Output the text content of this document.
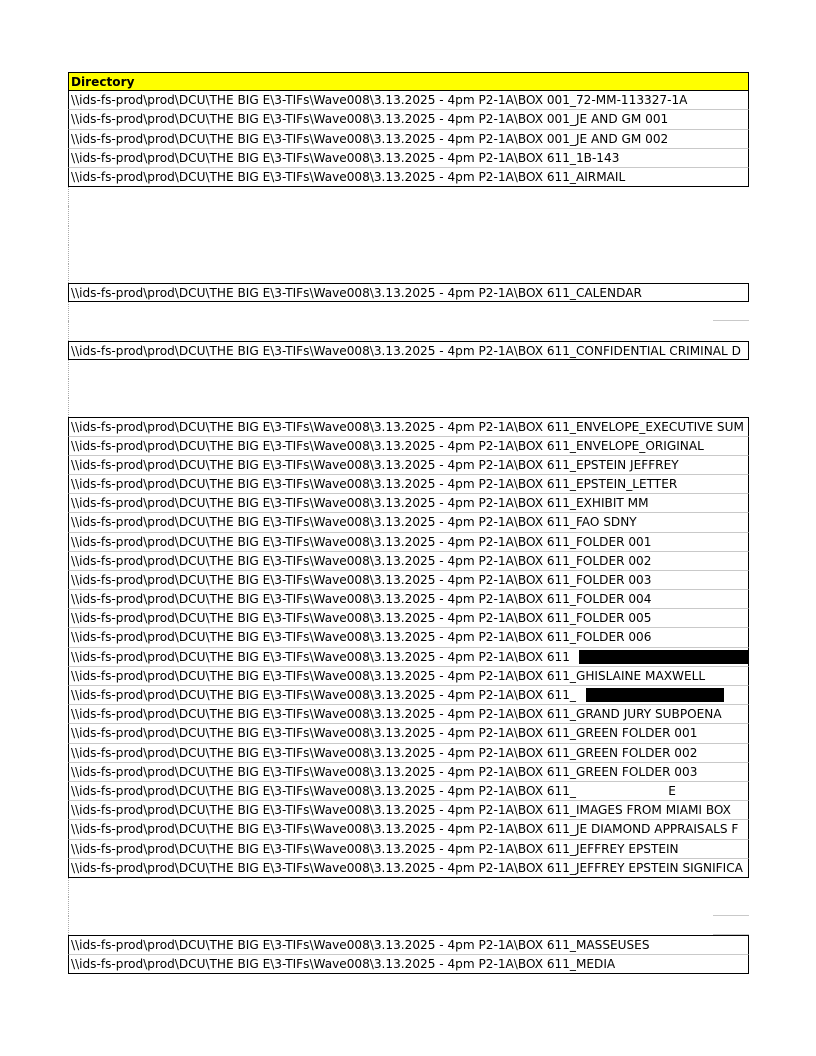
Directory
\\ids-fs-prod\prod\DCU\THE BIG E\3-TIFs\Wave008\3.13.2025 - 4pm P2-1A\BOX 001_72-MM-113327-1A
\\ids-fs-prod\prod\DCU\THE BIG E\3-TIFs\Wave008\3.13.2025 - 4pm P2-1A\BOX 001_JE AND GM 001
\\ids-fs-prod\prod\DCU\THE BIG E\3-TIFs\Wave008\3.13.2025 - 4pm P2-1A\BOX 001_JE AND GM 002
\\ids-fs-prod\prod\DCU\THE BIG E\3-TIFs\Wave008\3.13.2025 - 4pm P2-1A\BOX 611_1B-143
\\ids-fs-prod\prod\DCU\THE BIG E\3-TIFs\Wave008\3.13.2025 - 4pm P2-1A\BOX 611_AIRMAIL
\\ids-fs-prod\prod\DCU\THE BIG E\3-TIFs\Wave008\3.13.2025 - 4pm P2-1A\BOX 611_CALENDAR
\\ids-fs-prod\prod\DCU\THE BIG E\3-TIFs\Wave008\3.13.2025 - 4pm P2-1A\BOX 611_CONFIDENTIAL CRIMINAL D
\\ids-fs-prod\prod\DCU\THE BIG E\3-TIFs\Wave008\3.13.2025 - 4pm P2-1A\BOX 611_ENVELOPE_EXECUTIVE SUM
\\ids-fs-prod\prod\DCU\THE BIG E\3-TIFs\Wave008\3.13.2025 - 4pm P2-1A\BOX 611_ENVELOPE_ORIGINAL
\\ids-fs-prod\prod\DCU\THE BIG E\3-TIFs\Wave008\3.13.2025 - 4pm P2-1A\BOX 611_EPSTEIN JEFFREY
\\ids-fs-prod\prod\DCU\THE BIG E\3-TIFs\Wave008\3.13.2025 - 4pm P2-1A\BOX 611_EPSTEIN_LETTER
\\ids-fs-prod\prod\DCU\THE BIG E\3-TIFs\Wave008\3.13.2025 - 4pm P2-1A\BOX 611_EXHIBIT MM
\\ids-fs-prod\prod\DCU\THE BIG E\3-TIFs\Wave008\3.13.2025 - 4pm P2-1A\BOX 611_FAO SDNY
\\ids-fs-prod\prod\DCU\THE BIG E\3-TIFs\Wave008\3.13.2025 - 4pm P2-1A\BOX 611_FOLDER 001
\\ids-fs-prod\prod\DCU\THE BIG E\3-TIFs\Wave008\3.13.2025 - 4pm P2-1A\BOX 611_FOLDER 002
\\ids-fs-prod\prod\DCU\THE BIG E\3-TIFs\Wave008\3.13.2025 - 4pm P2-1A\BOX 611_FOLDER 003
\\ids-fs-prod\prod\DCU\THE BIG E\3-TIFs\Wave008\3.13.2025 - 4pm P2-1A\BOX 611_FOLDER 004
\\ids-fs-prod\prod\DCU\THE BIG E\3-TIFs\Wave008\3.13.2025 - 4pm P2-1A\BOX 611_FOLDER 005
\\ids-fs-prod\prod\DCU\THE BIG E\3-TIFs\Wave008\3.13.2025 - 4pm P2-1A\BOX 611_FOLDER 006
\\ids-fs-prod\prod\DCU\THE BIG E\3-TIFs\Wave008\3.13.2025 - 4pm P2-1A\BOX 611
\\ids-fs-prod\prod\DCU\THE BIG E\3-TIFs\Wave008\3.13.2025 - 4pm P2-1A\BOX 611_GHISLAINE MAXWELL
\\ids-fs-prod\prod\DCU\THE BIG E\3-TIFs\Wave008\3.13.2025 - 4pm P2-1A\BOX 611_
\\ids-fs-prod\prod\DCU\THE BIG E\3-TIFs\Wave008\3.13.2025 - 4pm P2-1A\BOX 611_GRAND JURY SUBPOENA
\\ids-fs-prod\prod\DCU\THE BIG E\3-TIFs\Wave008\3.13.2025 - 4pm P2-1A\BOX 611_GREEN FOLDER 001
\\ids-fs-prod\prod\DCU\THE BIG E\3-TIFs\Wave008\3.13.2025 - 4pm P2-1A\BOX 611_GREEN FOLDER 002
\\ids-fs-prod\prod\DCU\THE BIG E\3-TIFs\Wave008\3.13.2025 - 4pm P2-1A\BOX 611_GREEN FOLDER 003
\\ids-fs-prod\prod\DCU\THE BIG E\3-TIFs\Wave008\3.13.2025 - 4pm P2-1A\BOX 611_                        E
\\ids-fs-prod\prod\DCU\THE BIG E\3-TIFs\Wave008\3.13.2025 - 4pm P2-1A\BOX 611_IMAGES FROM MIAMI BOX
\\ids-fs-prod\prod\DCU\THE BIG E\3-TIFs\Wave008\3.13.2025 - 4pm P2-1A\BOX 611_JE DIAMOND APPRAISALS F
\\ids-fs-prod\prod\DCU\THE BIG E\3-TIFs\Wave008\3.13.2025 - 4pm P2-1A\BOX 611_JEFFREY EPSTEIN
\\ids-fs-prod\prod\DCU\THE BIG E\3-TIFs\Wave008\3.13.2025 - 4pm P2-1A\BOX 611_JEFFREY EPSTEIN SIGNIFICA
\\ids-fs-prod\prod\DCU\THE BIG E\3-TIFs\Wave008\3.13.2025 - 4pm P2-1A\BOX 611_MASSEUSES
\\ids-fs-prod\prod\DCU\THE BIG E\3-TIFs\Wave008\3.13.2025 - 4pm P2-1A\BOX 611_MEDIA
